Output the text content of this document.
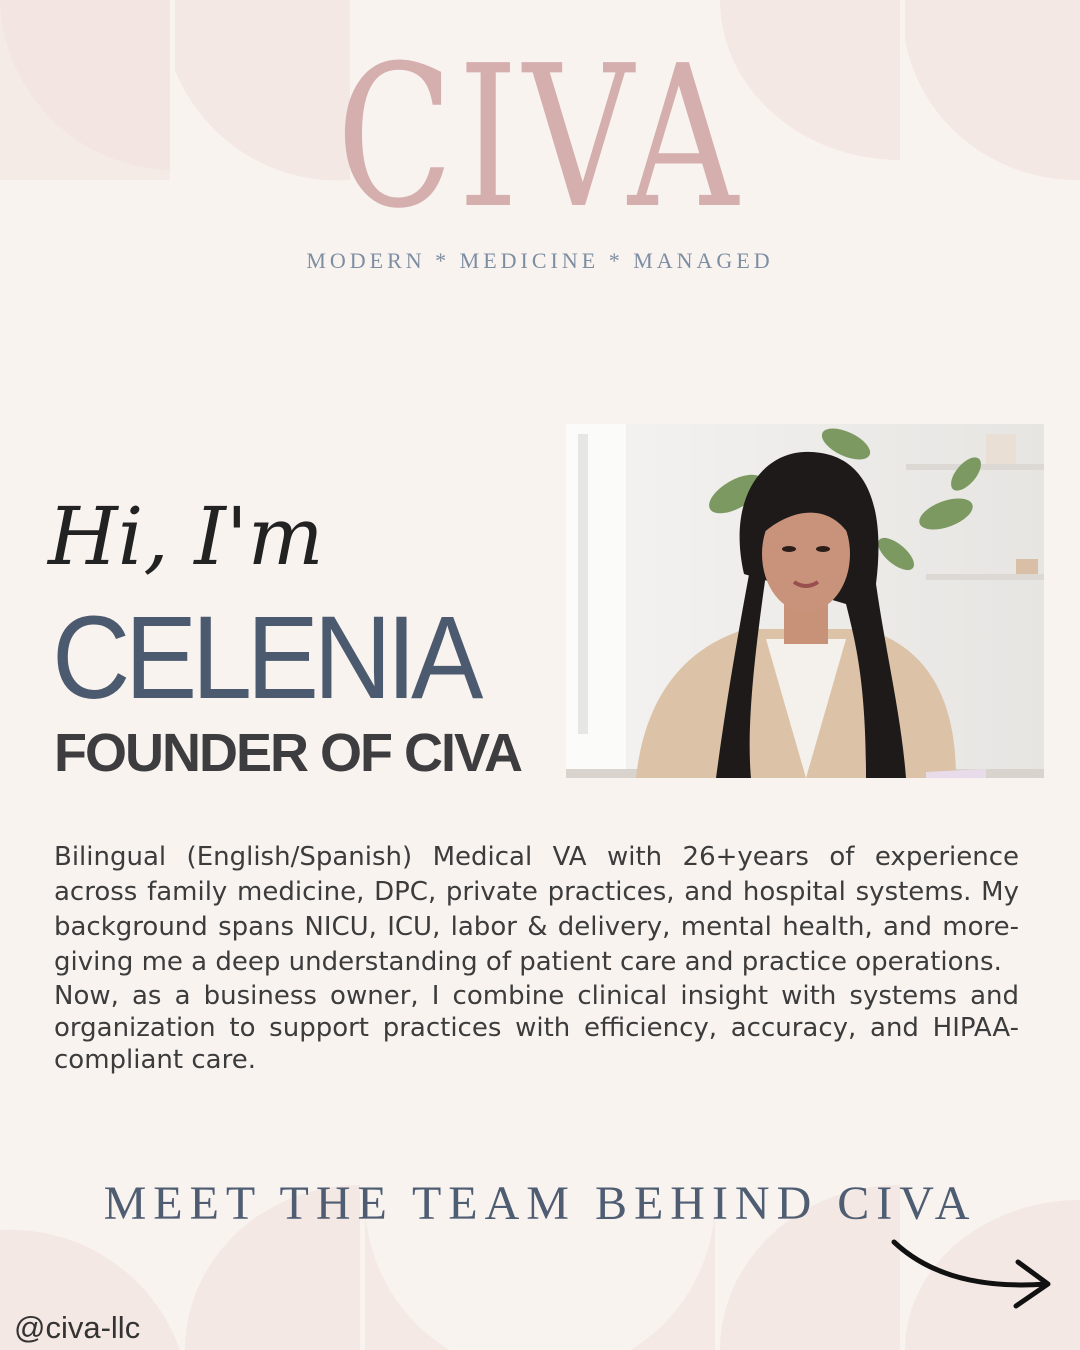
CIVA
MODERN * MEDICINE * MANAGED
Hi, I'm
CELENIA
FOUNDER OF CIVA

Bilingual (English/Spanish) Medical VA with 26+years of experience across family medicine, DPC, private practices, and hospital systems. My background spans NICU, ICU, labor & delivery, mental health, and more- giving me a deep understanding of patient care and practice operations.

Now, as a business owner, I combine clinical insight with systems and organization to support practices with efficiency, accuracy, and HIPAA-compliant care.

MEET THE TEAM BEHIND CIVA
@civa-llc
